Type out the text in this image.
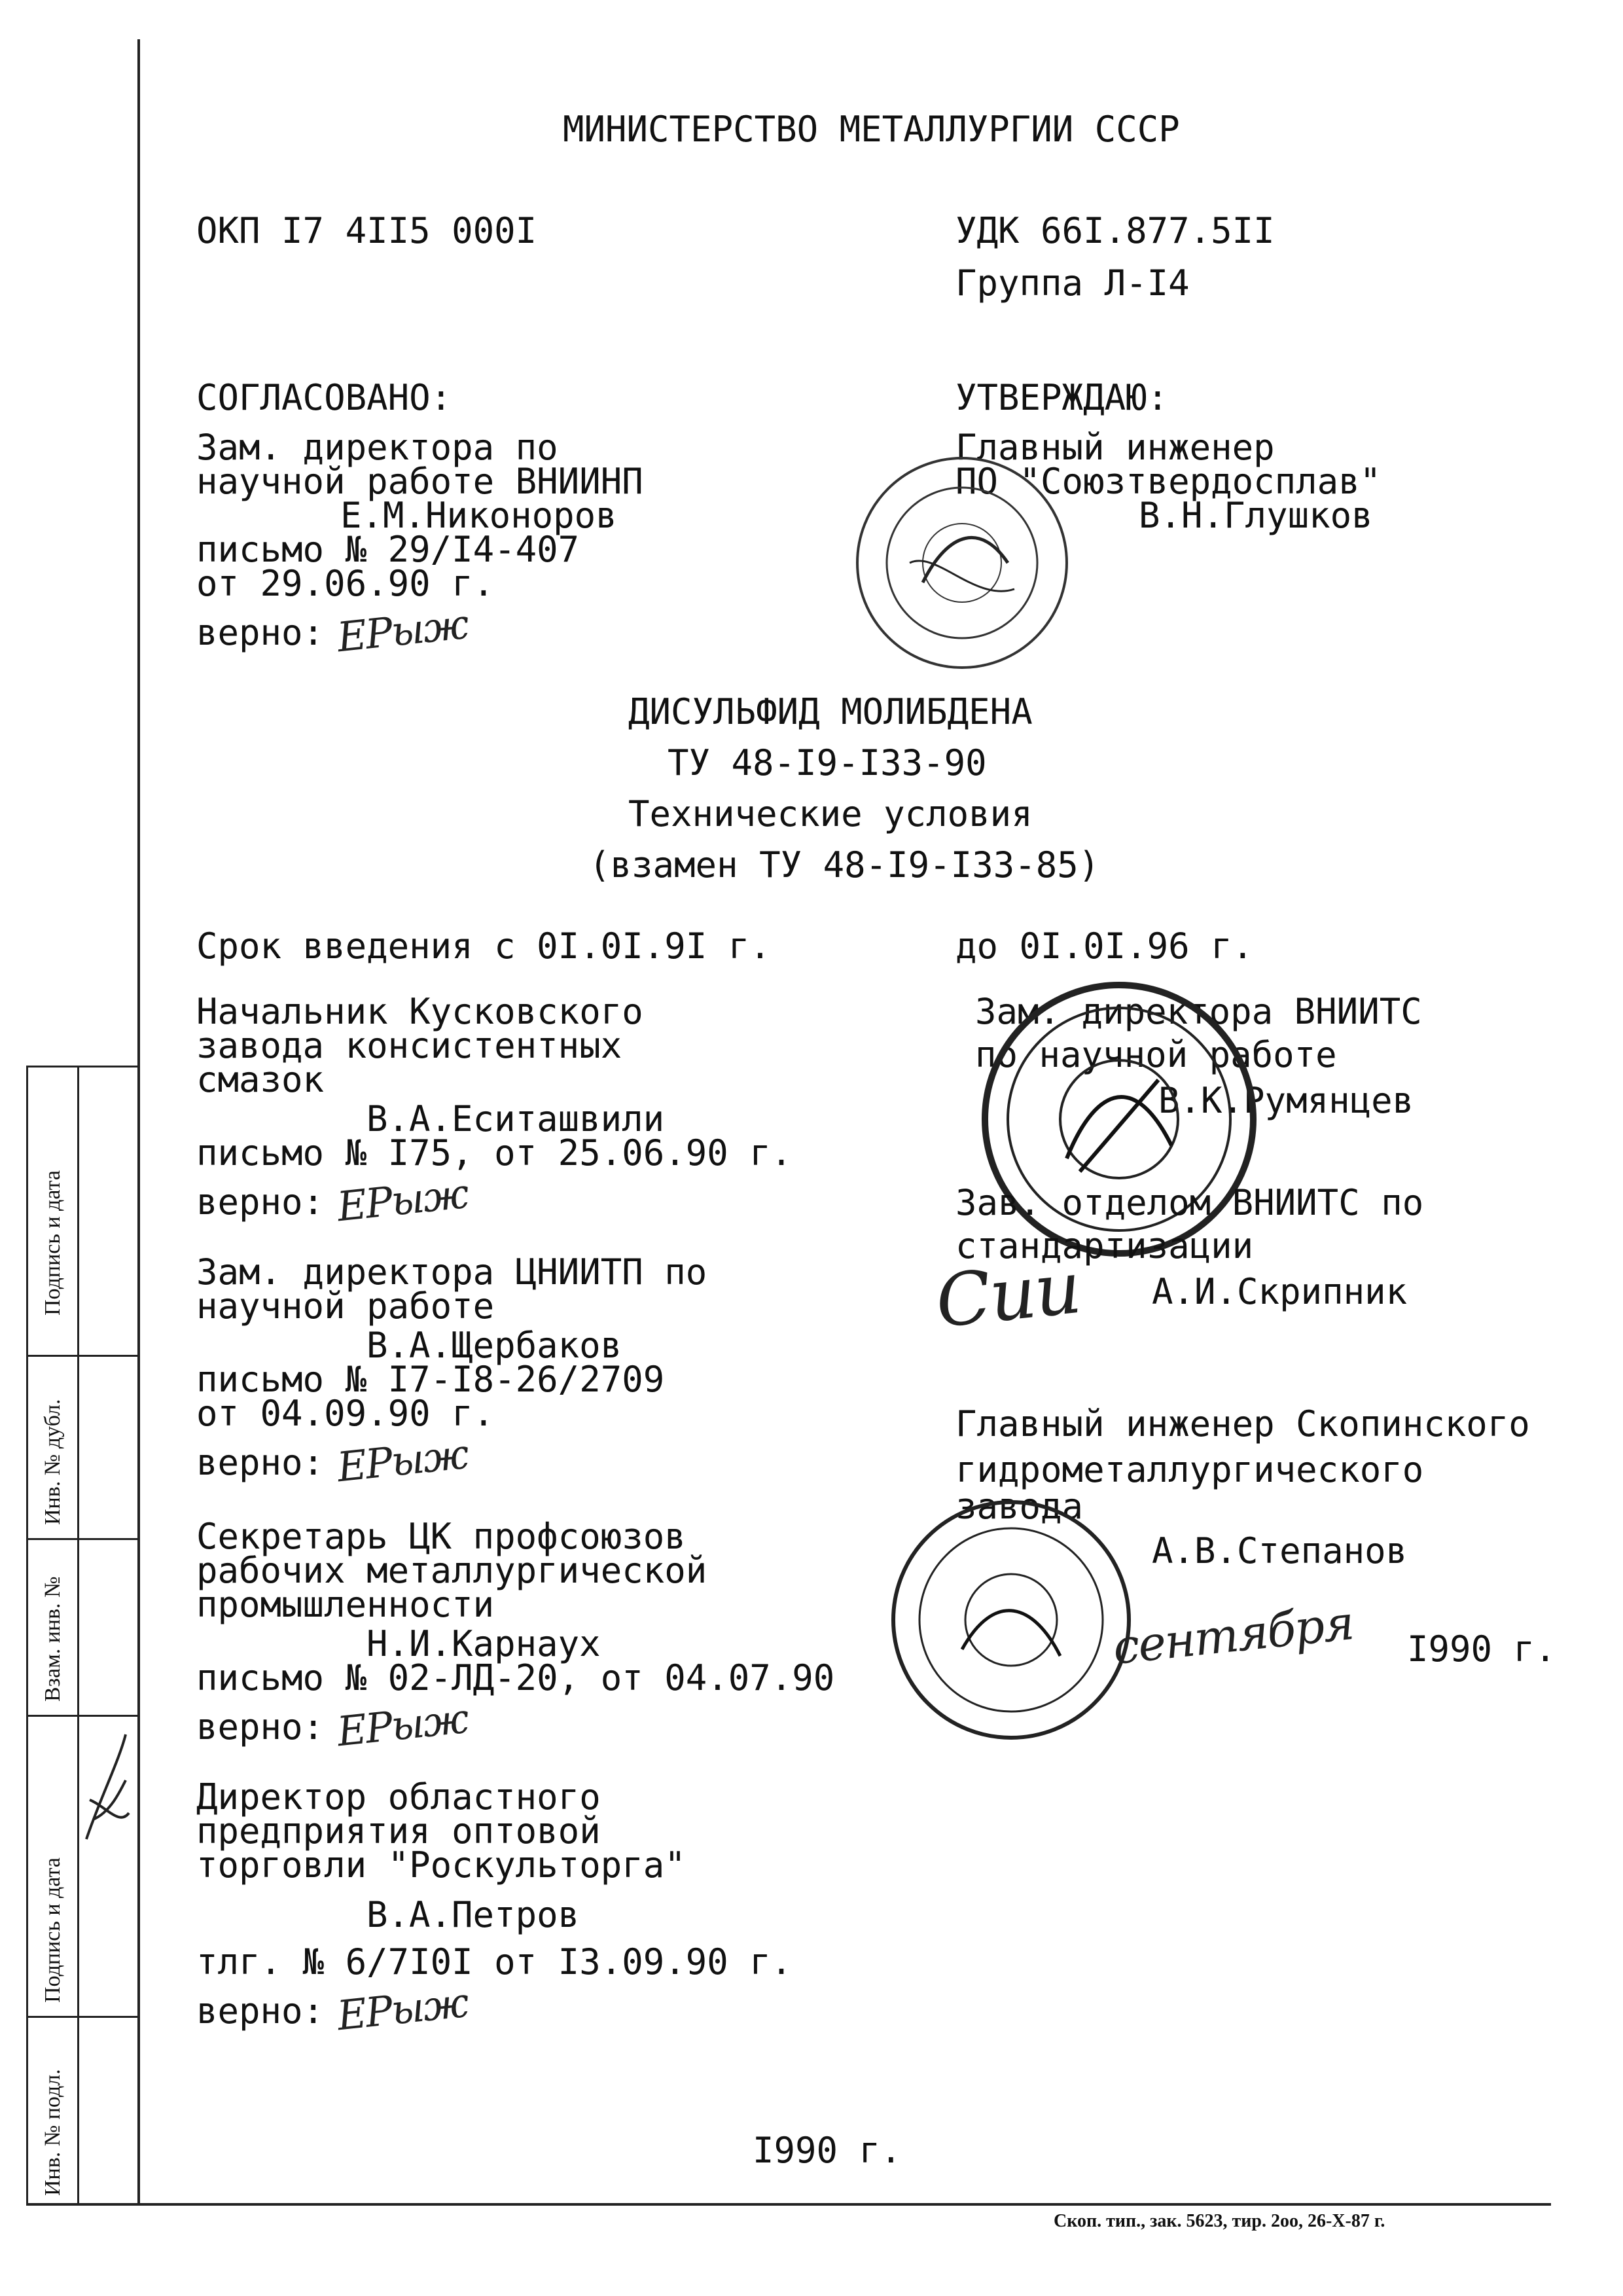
Инв. № подл.
Подпись и дата
Взам. инв. №
Инв. № дубл.
Подпись и дата
МИНИСТЕРСТВО МЕТАЛЛУРГИИ СССР
ОКП I7 4II5 000I	УДК 66I.877.5II
Группа Л-I4
СОГЛАСОВАНО:
Зам. директора по
научной работе ВНИИНП
Е.М.Никоноров
письмо № 29/I4-407
от 29.06.90 г.
верно: ЕРыж
УТВЕРЖДАЮ:
Главный инженер
ПО "Союзтвердосплав"
В.Н.Глушков
ДИСУЛЬФИД МОЛИБДЕНА
ТУ 48-I9-I33-90
Технические условия
(взамен ТУ 48-I9-I33-85)
Срок введения с 0I.0I.9I г.	до 0I.0I.96 г.
Начальник Кусковского
завода консистентных
смазок
В.А.Еситашвили
письмо № I75, от 25.06.90 г.
верно: ЕРыж
Зам. директора ЦНИИТП по
научной работе
В.А.Щербаков
письмо № I7-I8-26/2709
от 04.09.90 г.
верно: ЕРыж
Секретарь ЦК профсоюзов
рабочих металлургической
промышленности
Н.И.Карнаух
письмо № 02-ЛД-20, от 04.07.90
верно: ЕРыж
Директор областного
предприятия оптовой
торговли "Роскульторга"
В.А.Петров
тлг. № 6/7I0I от I3.09.90 г.
верно: ЕРыж
Зам. директора ВНИИТС
по научной работе
В.К.Румянцев
Зав. отделом ВНИИТС по
стандартизации
А.И.Скрипник
Сии
Главный инженер Скопинского
гидрометаллургического
завода
А.В.Степанов
сентября I990 г.
I990 г.
Скоп. тип., зак. 5623, тир. 2оо, 26-Х-87 г.
